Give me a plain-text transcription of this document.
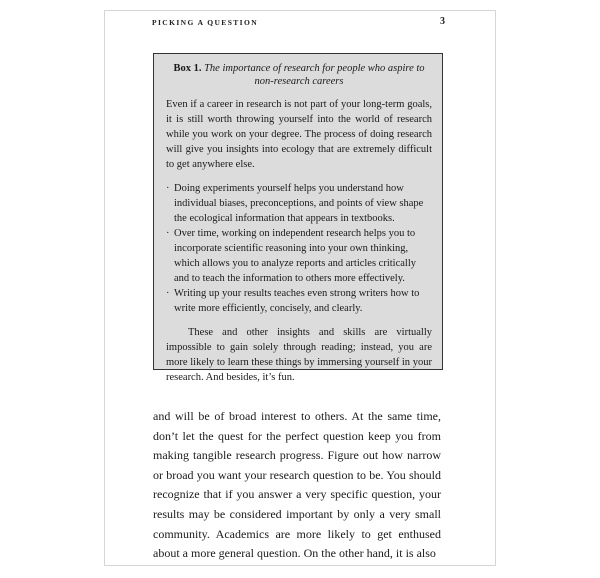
PICKING A QUESTION	3
Box 1. The importance of research for people who aspire to non-research careers

Even if a career in research is not part of your long-term goals, it is still worth throwing yourself into the world of research while you work on your degree. The process of doing research will give you insights into ecology that are extremely difficult to get anywhere else.

· Doing experiments yourself helps you understand how individual biases, preconceptions, and points of view shape the ecological information that appears in textbooks.
· Over time, working on independent research helps you to incorporate scientific reasoning into your own thinking, which allows you to analyze reports and articles critically and to teach the information to others more effectively.
· Writing up your results teaches even strong writers how to write more efficiently, concisely, and clearly.

These and other insights and skills are virtually impossible to gain solely through reading; instead, you are more likely to learn these things by immersing yourself in your research. And besides, it’s fun.

and will be of broad interest to others. At the same time, don’t let the quest for the perfect question keep you from making tangible research progress. Figure out how narrow or broad you want your research question to be. You should recognize that if you answer a very specific question, your results may be considered important by only a very small community. Academics are more likely to get enthused about a more general question. On the other hand, it is also
